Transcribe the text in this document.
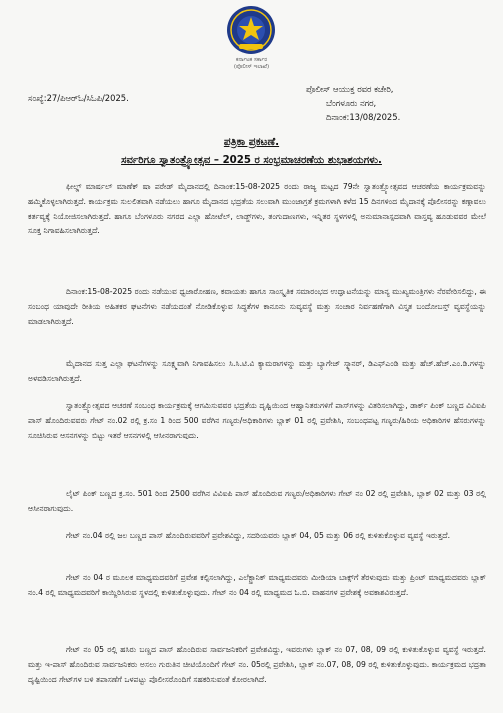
ಕರ್ನಾಟಕ ಸರ್ಕಾರ
(ಪೊಲೀಸ್ ಇಲಾಖೆ)
ಸಂಖ್ಯೆ:27/ಪಿಆರ್‌ಓ/ಸಿಓಪಿ/2025.
ಪೊಲೀಸ್ ಆಯುಕ್ತ ರವರ ಕಚೇರಿ,
ಬೆಂಗಳೂರು ನಗರ,
ದಿನಾಂಕ:13/08/2025.
ಪತ್ರಿಕಾ ಪ್ರಕಟಣೆ.
ಸರ್ವರಿಗೂ ಸ್ವಾತಂತ್ರ್ಯೋತ್ಸವ – 2025 ರ ಸಂಭ್ರಮಾಚರಣೆಯ ಶುಭಾಶಯಗಳು.
ಫೀಲ್ಡ್ ಮಾರ್ಷಲ್ ಮಾಣೆಕ್ ಷಾ ಪರೇಡ್ ಮೈದಾನದಲ್ಲಿ ದಿನಾಂಕ:15-08-2025 ರಂದು ರಾಜ್ಯ ಮಟ್ಟದ 79ನೇ ಸ್ವಾತಂತ್ರ್ಯೋತ್ಸವದ ಆಚರಣೆಯ ಕಾರ್ಯಕ್ರಮವನ್ನು ಹಮ್ಮಿಕೊಳ್ಳಲಾಗಿರುತ್ತದೆ. ಕಾರ್ಯಕ್ರಮ ಸುಲಲಿತವಾಗಿ ನಡೆಯಲು ಹಾಗೂ ಮೈದಾನದ ಭದ್ರತೆಯ ಸಲುವಾಗಿ ಮುಂಜಾಗ್ರತೆ ಕ್ರಮಗಳಾಗಿ ಕಳೆದ 15 ದಿನಗಳಿಂದ ಮೈದಾನಕ್ಕೆ ಪೊಲೀಸರನ್ನು ಕಣ್ಗಾವಲು ಕರ್ತವ್ಯಕ್ಕೆ ನಿಯೋಜಿಸಲಾಗಿರುತ್ತದೆ. ಹಾಗೂ ಬೆಂಗಳೂರು ನಗರದ ಎಲ್ಲಾ ಹೋಟೆಲ್, ಲಾಡ್ಜ್‌ಗಳು, ತಂಗುದಾಣಗಳು, ಇನ್ನಿತರ ಸ್ಥಳಗಳಲ್ಲಿ ಅನುಮಾನಾಸ್ಪದವಾಗಿ ವಾಸ್ತವ್ಯ ಹೂಡುವವರ ಮೇಲೆ ಸೂಕ್ತ ನಿಗಾವಹಿಸಲಾಗಿರುತ್ತದೆ.
ದಿನಾಂಕ:15-08-2025 ರಂದು ನಡೆಯುವ ಧ್ವಜಾರೋಹಣ, ಕವಾಯತು ಹಾಗೂ ಸಾಂಸ್ಕೃತಿಕ ಸಮಾರಂಭದ ಉದ್ಘಾಟನೆಯನ್ನು ಮಾನ್ಯ ಮುಖ್ಯಮಂತ್ರಿಗಳು ನೆರವೇರಿಸಲಿದ್ದು, ಈ ಸಂಬಂಧ ಯಾವುದೇ ರೀತಿಯ ಅಹಿತಕರ ಘಟನೆಗಳು ನಡೆಯದಂತೆ ನೋಡಿಕೊಳ್ಳುವ ಸಿದ್ಧತೆಗಳ ಕಾನೂನು ಸುವ್ಯವಸ್ಥೆ ಮತ್ತು ಸಂಚಾರ ನಿರ್ವಹಣೆಗಾಗಿ ವಿಸ್ತೃತ ಬಂದೋಬಸ್ತ್ ವ್ಯವಸ್ಥೆಯನ್ನು ಮಾಡಲಾಗಿರುತ್ತದೆ.
ಮೈದಾನದ ಸುತ್ತ ಎಲ್ಲಾ ಘಟನೆಗಳನ್ನು ಸೂಕ್ಷ್ಮವಾಗಿ ನಿಗಾವಹಿಸಲು ಸಿ.ಸಿ.ಟಿ.ವಿ ಕ್ಯಾಮರಾಗಳನ್ನು ಮತ್ತು ಬ್ಯಾಗೇಜ್ ಸ್ಕ್ಯಾನರ್, ಡಿಎಫ್‌ಎಂಡಿ ಮತ್ತು ಹೆಚ್.ಹೆಚ್.ಎಂ.ಡಿ.ಗಳನ್ನು ಅಳವಡಿಸಲಾಗಿರುತ್ತದೆ.
ಸ್ವಾತಂತ್ರ್ಯೋತ್ಸವದ ಆಚರಣೆ ಸಂಬಂಧ ಕಾರ್ಯಕ್ರಮಕ್ಕೆ ಆಗಮಿಸುವವರ ಭದ್ರತೆಯ ದೃಷ್ಟಿಯಿಂದ ಆಹ್ವಾನಿತರುಗಳಿಗೆ ಪಾಸ್‌ಗಳನ್ನು ವಿತರಿಸಲಾಗಿದ್ದು, ಡಾರ್ಕ್ ಪಿಂಕ್ ಬಣ್ಣದ ವಿವಿಐಪಿ ಪಾಸ್ ಹೊಂದಿರುವವರು ಗೇಟ್ ನಂ.02 ರಲ್ಲಿ ಕ್ರ.ಸಂ 1 ರಿಂದ 500 ವರೆಗಿನ ಗಣ್ಯರು/ಅಧಿಕಾರಿಗಳು ಬ್ಲಾಕ್ 01 ರಲ್ಲಿ ಪ್ರವೇಶಿಸಿ, ಸಂಬಂಧಪಟ್ಟ ಗಣ್ಯರು/ಹಿರಿಯ ಅಧಿಕಾರಿಗಳ ಹೆಸರುಗಳನ್ನು ಸೂಚಿಸಿರುವ ಆಸನಗಳನ್ನು ಬಿಟ್ಟು ಇತರೆ ಆಸನಗಳಲ್ಲಿ ಆಸೀನರಾಗುವುದು.
ಲೈಟ್ ಪಿಂಕ್ ಬಣ್ಣದ ಕ್ರ.ಸಂ. 501 ರಿಂದ 2500 ವರೆಗಿನ ವಿವಿಐಪಿ ಪಾಸ್ ಹೊಂದಿರುವ ಗಣ್ಯರು/ಅಧಿಕಾರಿಗಳು ಗೇಟ್ ನಂ 02 ರಲ್ಲಿ ಪ್ರವೇಶಿಸಿ, ಬ್ಲಾಕ್ 02 ಮತ್ತು 03 ರಲ್ಲಿ ಆಸೀನರಾಗುವುದು.
ಗೇಟ್ ನಂ.04 ರಲ್ಲಿ ಜಲ ಬಣ್ಣದ ಪಾಸ್ ಹೊಂದಿರುವವರಿಗೆ ಪ್ರವೇಶವಿದ್ದು, ಸದರಿಯವರು ಬ್ಲಾಕ್ 04, 05 ಮತ್ತು 06 ರಲ್ಲಿ ಕುಳಿತುಕೊಳ್ಳುವ ವ್ಯವಸ್ಥೆ ಇರುತ್ತದೆ.
ಗೇಟ್ ನಂ 04 ರ ಮೂಲಕ ಮಾಧ್ಯಮದವರಿಗೆ ಪ್ರವೇಶ ಕಲ್ಪಿಸಲಾಗಿದ್ದು, ಎಲೆಕ್ಟ್ರಾನಿಕ್ ಮಾಧ್ಯಮದವರು ಮೀಡಿಯಾ ಬಾಕ್ಸ್‌ಗೆ ತೆರಳುವುದು ಮತ್ತು ಪ್ರಿಂಟ್ ಮಾಧ್ಯಮದವರು ಬ್ಲಾಕ್ ನಂ.4 ರಲ್ಲಿ ಮಾಧ್ಯಮದವರಿಗೆ ಕಾಯ್ದಿರಿಸಿರುವ ಸ್ಥಳದಲ್ಲಿ ಕುಳಿತುಕೊಳ್ಳುವುದು. ಗೇಟ್ ನಂ 04 ರಲ್ಲಿ ಮಾಧ್ಯಮದ ಓ.ಬಿ. ವಾಹನಗಳ ಪ್ರವೇಶಕ್ಕೆ ಅವಕಾಶವಿರುತ್ತದೆ.
ಗೇಟ್ ನಂ 05 ರಲ್ಲಿ ಹಸಿರು ಬಣ್ಣದ ಪಾಸ್ ಹೊಂದಿರುವ ಸಾರ್ವಜನಿಕರಿಗೆ ಪ್ರವೇಶವಿದ್ದು, ಇವರುಗಳು ಬ್ಲಾಕ್ ನಂ 07, 08, 09 ರಲ್ಲಿ ಕುಳಿತುಕೊಳ್ಳುವ ವ್ಯವಸ್ಥೆ ಇರುತ್ತದೆ. ಮತ್ತು ಇ-ಪಾಸ್ ಹೊಂದಿರುವ ಸಾರ್ವಜನಿಕರು ಅಸಲು ಗುರುತಿನ ಚೀಟಿಯೊಂದಿಗೆ ಗೇಟ್ ನಂ. 05ರಲ್ಲಿ ಪ್ರವೇಶಿಸಿ, ಬ್ಲಾಕ್ ನಂ.07, 08, 09 ರಲ್ಲಿ ಕುಳಿತುಕೊಳ್ಳುವುದು. ಕಾರ್ಯಕ್ರಮದ ಭದ್ರತಾ ದೃಷ್ಟಿಯಿಂದ ಗೇಟ್‌ಗಳ ಬಳಿ ತಪಾಸಣೆಗೆ ಒಳಪಟ್ಟು ಪೊಲೀಸರೊಂದಿಗೆ ಸಹಕರಿಸುವಂತೆ ಕೋರಲಾಗಿದೆ.
